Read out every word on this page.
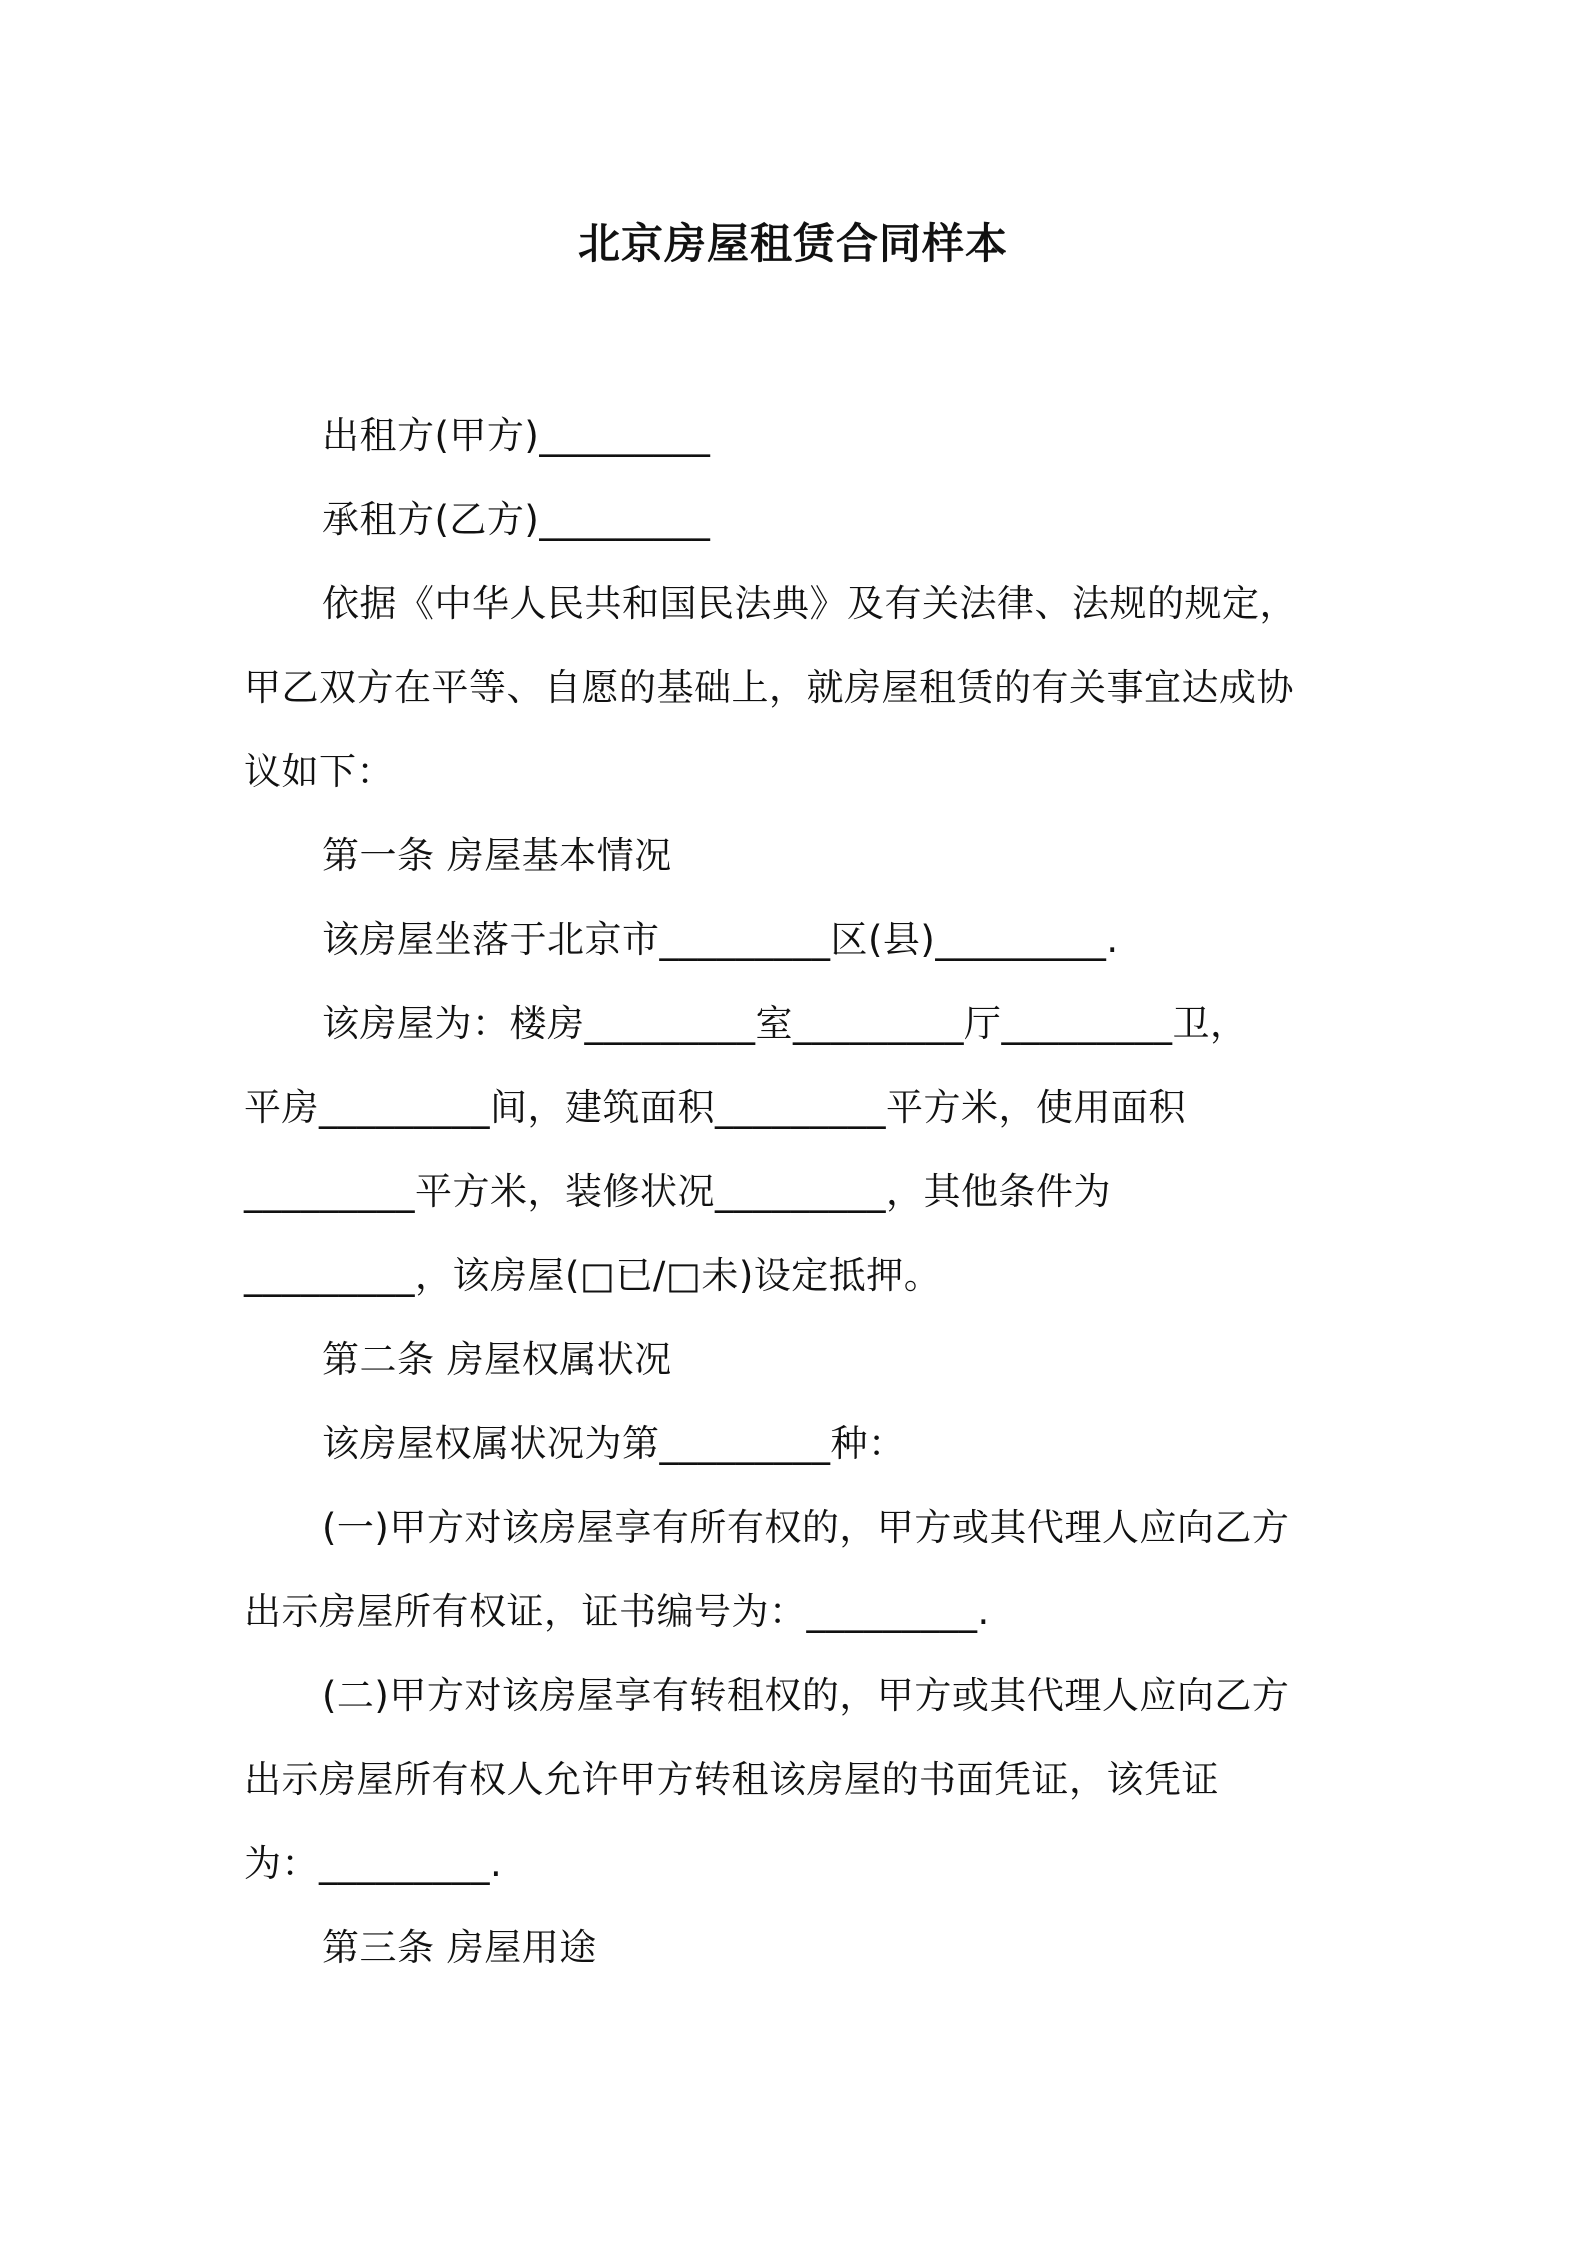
北京房屋租赁合同样本
出租方(甲方)_________
承租方(乙方)_________
依据《中华人民共和国民法典》及有关法律、法规的规定，
甲乙双方在平等、自愿的基础上，就房屋租赁的有关事宜达成协
议如下：
第一条 房屋基本情况
该房屋坐落于北京市_________区(县)_________.
该房屋为：楼房_________室_________厅_________卫，
平房_________间，建筑面积_________平方米，使用面积
_________平方米，装修状况_________，其他条件为
_________，该房屋(□已/□未)设定抵押。
第二条 房屋权属状况
该房屋权属状况为第_________种：
(一)甲方对该房屋享有所有权的，甲方或其代理人应向乙方
出示房屋所有权证，证书编号为：_________.
(二)甲方对该房屋享有转租权的，甲方或其代理人应向乙方
出示房屋所有权人允许甲方转租该房屋的书面凭证，该凭证
为：_________.
第三条 房屋用途
